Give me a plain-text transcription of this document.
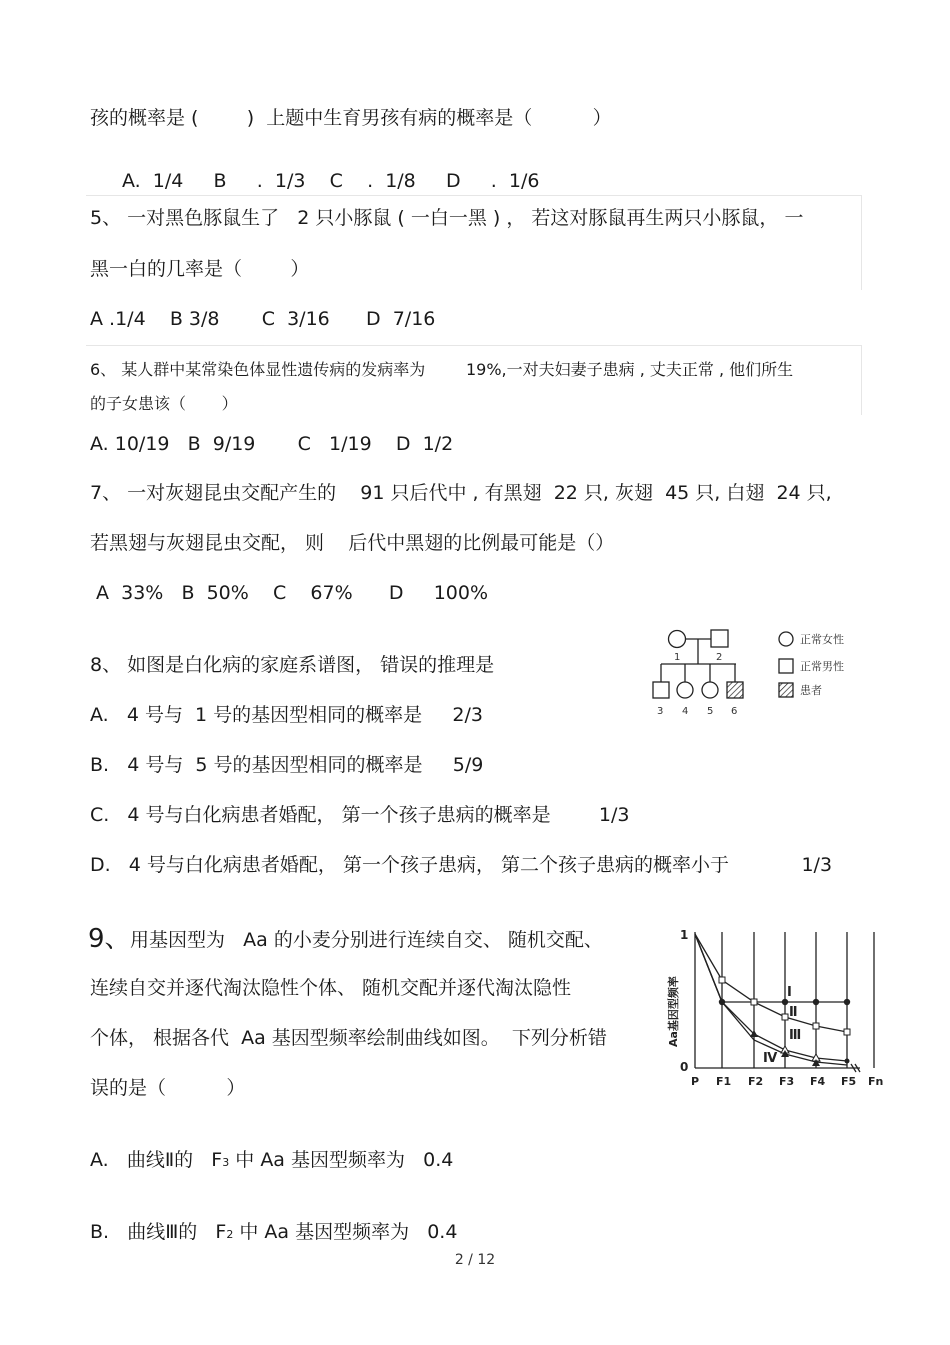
孩的概率是 (        )  上题中生育男孩有病的概率是（          ）
A.  1/4     B     .  1/3    C    .  1/8     D     .  1/6
5、 一对黑色豚鼠生了   2 只小豚鼠 ( 一白一黑 ) ， 若这对豚鼠再生两只小豚鼠， 一
黑一白的几率是（        ）
A .1/4    B 3/8       C  3/16      D  7/16
6、 某人群中某常染色体显性遗传病的发病率为        19%,一对夫妇妻子患病 , 丈夫正常 , 他们所生
的子女患该（       ）
A. 10/19   B  9/19       C   1/19    D  1/2
7、 一对灰翅昆虫交配产生的    91 只后代中 , 有黑翅  22 只, 灰翅  45 只, 白翅  24 只,
若黑翅与灰翅昆虫交配， 则    后代中黑翅的比例最可能是（）
A  33%   B  50%    C    67%      D     100%
8、 如图是白化病的家庭系谱图， 错误的推理是
A.   4 号与  1 号的基因型相同的概率是     2/3
B.   4 号与  5 号的基因型相同的概率是     5/9
C.   4 号与白化病患者婚配， 第一个孩子患病的概率是        1/3
D.   4 号与白化病患者婚配， 第一个孩子患病， 第二个孩子患病的概率小于            1/3
1	2
3 4 5 6
正常女性
正常男性
患者
9、
用基因型为   Aa 的小麦分别进行连续自交、 随机交配、
连续自交并逐代淘汰隐性个体、 随机交配并逐代淘汰隐性
个体， 根据各代  Aa 基因型频率绘制曲线如图。  下列分析错
误的是（          ）
1
0
Aa基因型频率
P F1 F2 F3 F4 F5 Fn
Ⅰ
Ⅱ
Ⅲ
Ⅳ
A.   曲线Ⅱ的   F3 中 Aa 基因型频率为   0.4
B.   曲线Ⅲ的   F2 中 Aa 基因型频率为   0.4
2 / 12
